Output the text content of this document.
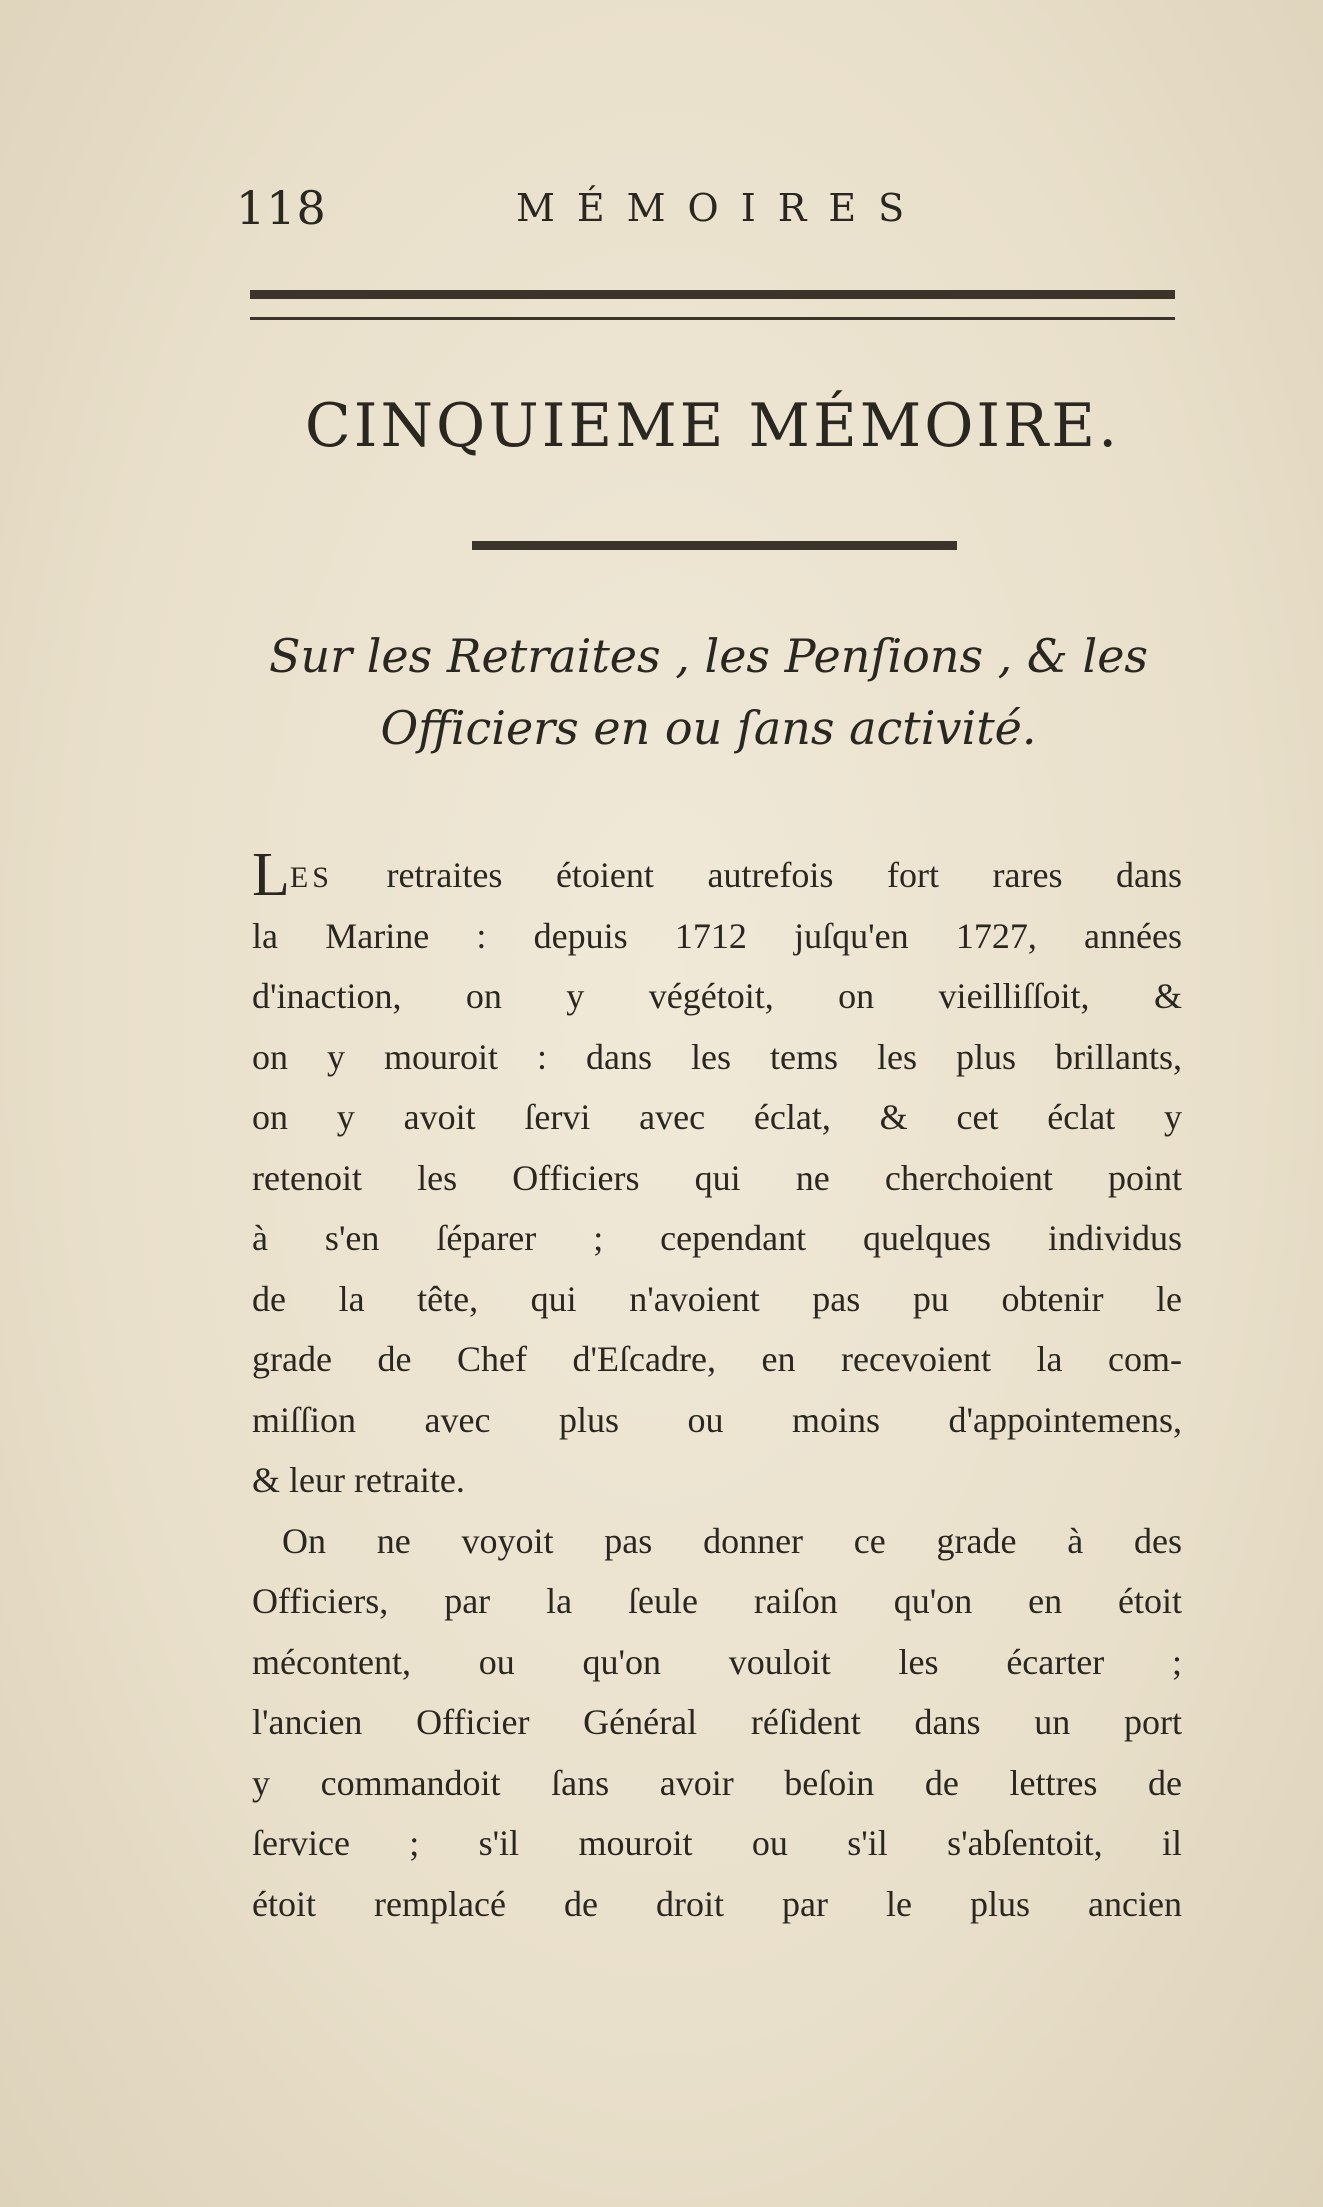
118	MÉMOIRES
CINQUIEME MÉMOIRE.
Sur les Retraites , les Penſions , & les
Officiers en ou ſans activité.
LES retraites étoient autrefois fort rares dans
la Marine : depuis 1712 juſqu'en 1727, années
d'inaction, on y végétoit, on vieilliſſoit, &
on y mouroit : dans les tems les plus brillants,
on y avoit ſervi avec éclat, & cet éclat y
retenoit les Officiers qui ne cherchoient point
à s'en ſéparer ; cependant quelques individus
de la tête, qui n'avoient pas pu obtenir le
grade de Chef d'Eſcadre, en recevoient la com-
miſſion avec plus ou moins d'appointemens,
& leur retraite.
On ne voyoit pas donner ce grade à des
Officiers, par la ſeule raiſon qu'on en étoit
mécontent, ou qu'on vouloit les écarter ;
l'ancien Officier Général réſident dans un port
y commandoit ſans avoir beſoin de lettres de
ſervice ; s'il mouroit ou s'il s'abſentoit, il
étoit remplacé de droit par le plus ancien
